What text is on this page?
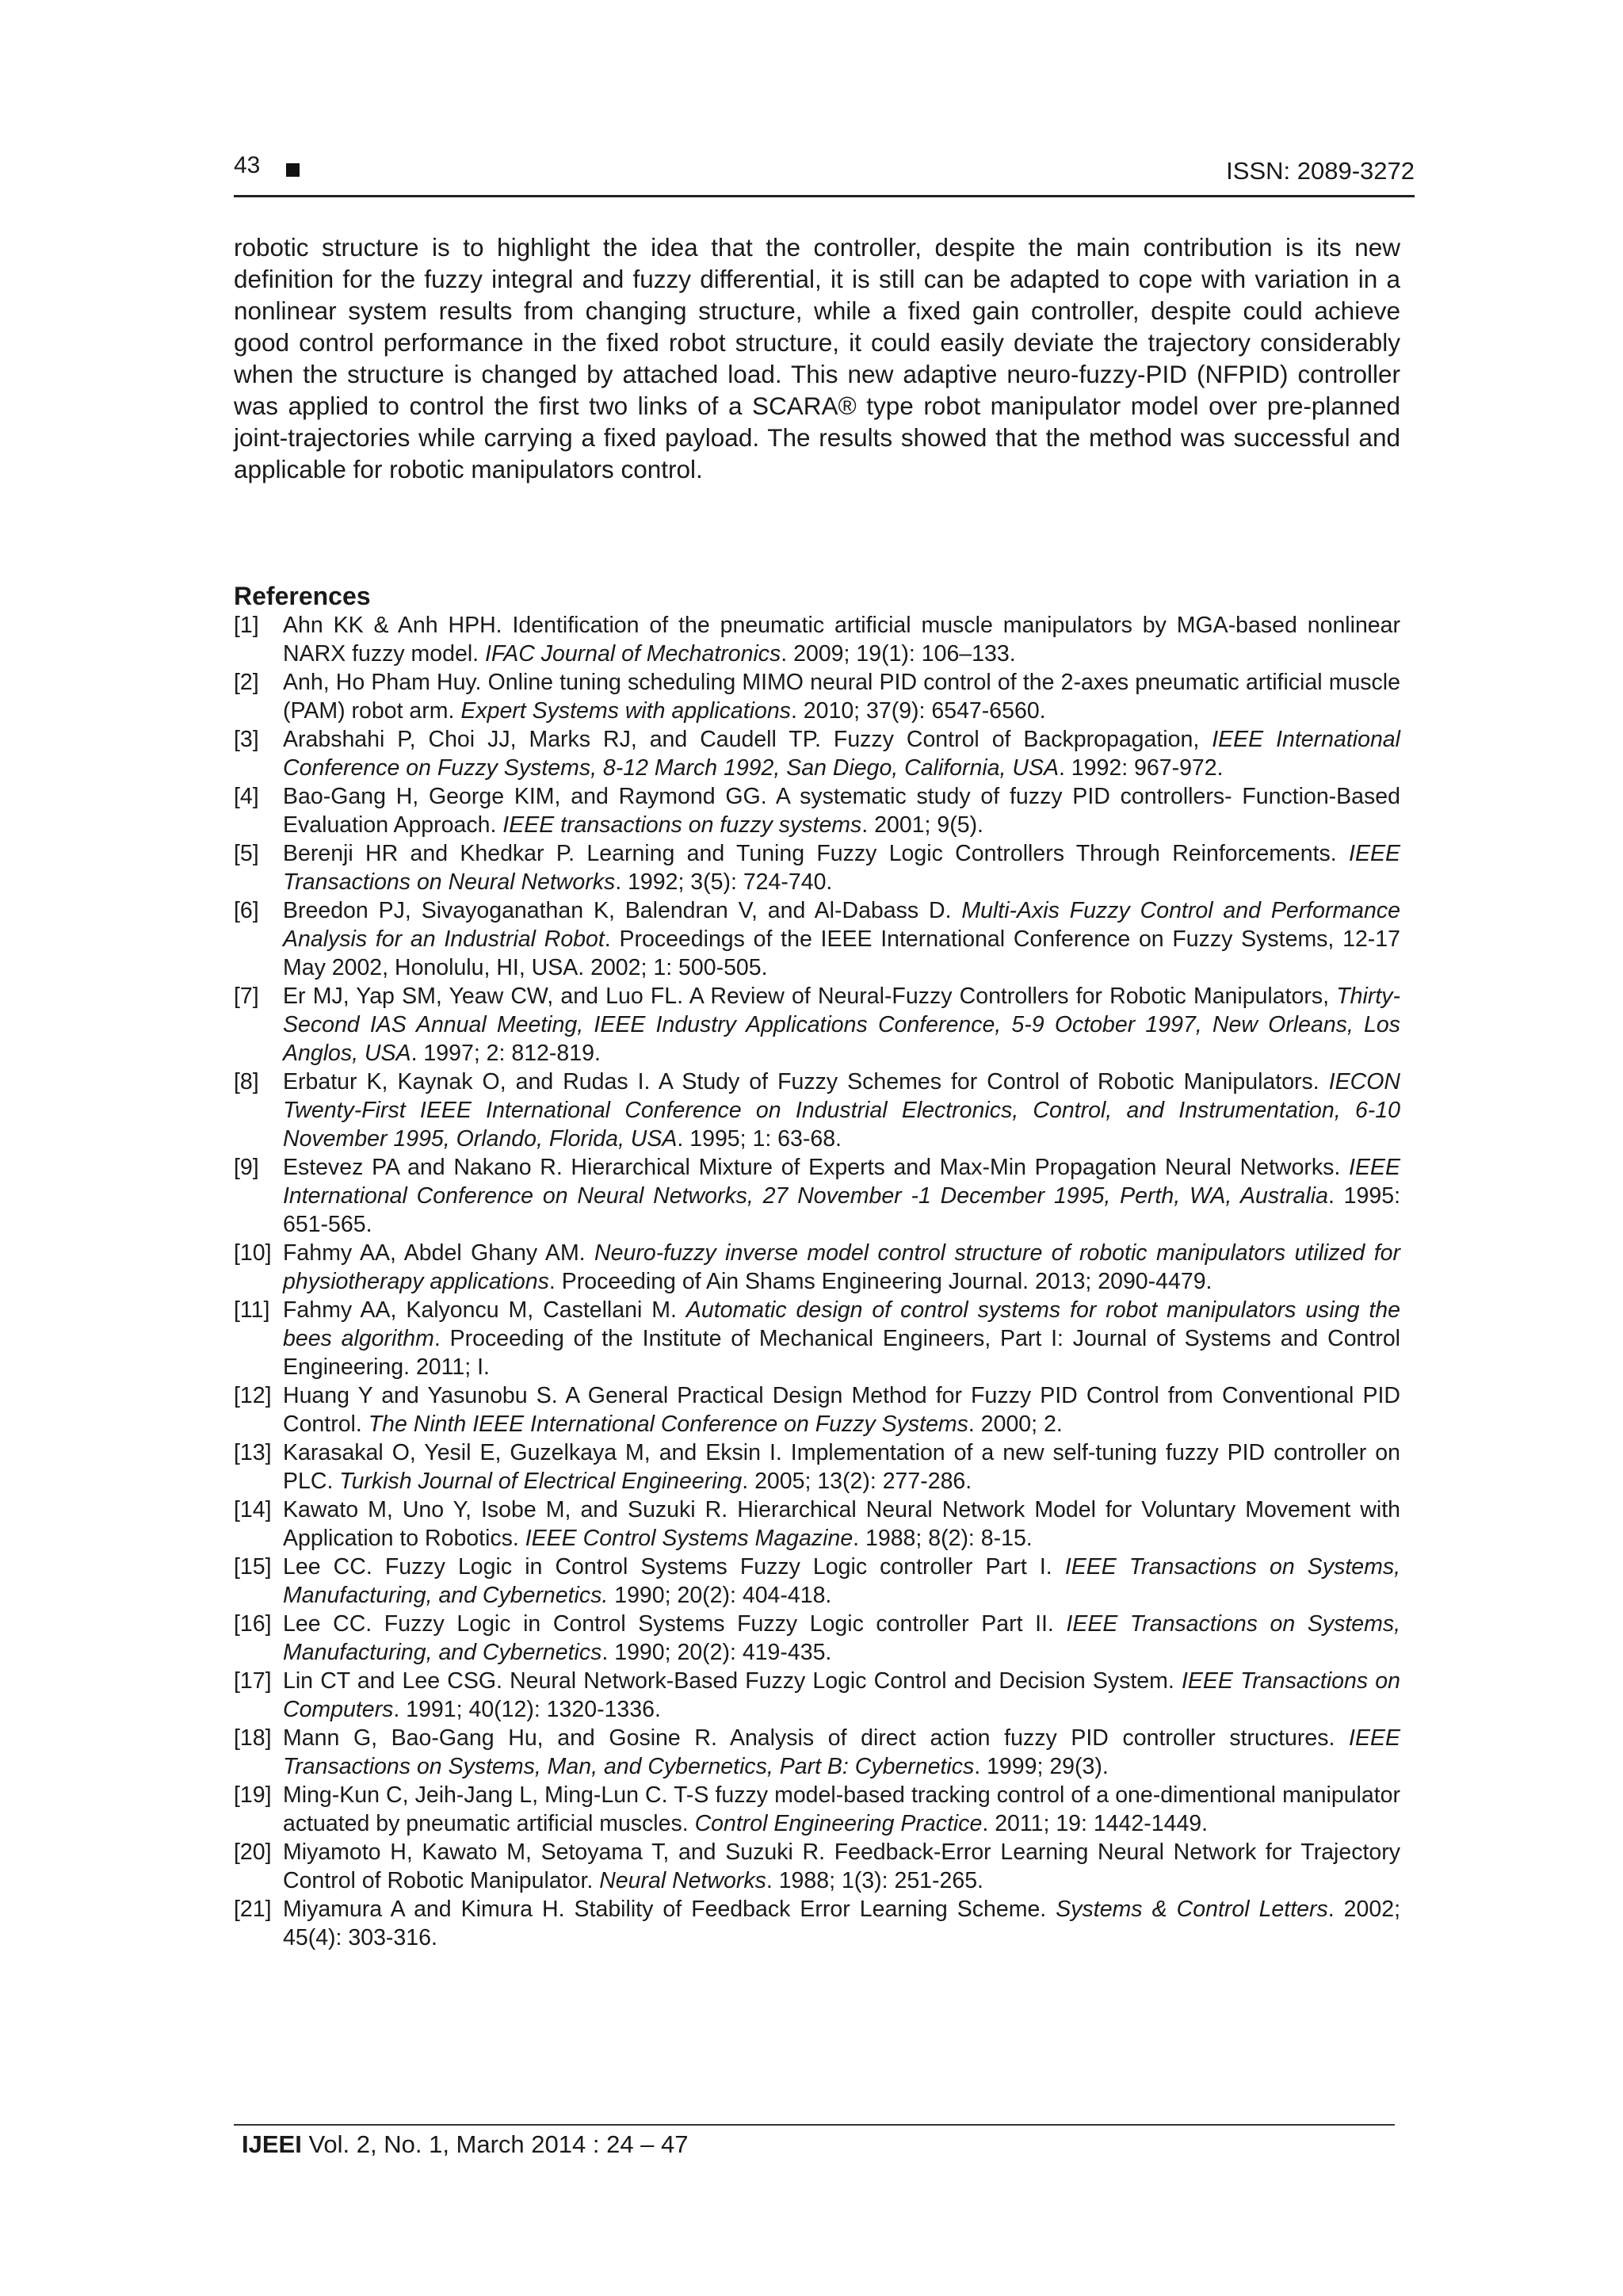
43	ISSN: 2089-3272

robotic structure is to highlight the idea that the controller, despite the main contribution is its new definition for the fuzzy integral and fuzzy differential, it is still can be adapted to cope with variation in a nonlinear system results from changing structure, while a fixed gain controller, despite could achieve good control performance in the fixed robot structure, it could easily deviate the trajectory considerably when the structure is changed by attached load. This new adaptive neuro-fuzzy-PID (NFPID) controller was applied to control the first two links of a SCARA® type robot manipulator model over pre-planned joint-trajectories while carrying a fixed payload. The results showed that the method was successful and applicable for robotic manipulators control.

References
[1] Ahn KK & Anh HPH. Identification of the pneumatic artificial muscle manipulators by MGA-based nonlinear NARX fuzzy model. IFAC Journal of Mechatronics. 2009; 19(1): 106–133.
[2] Anh, Ho Pham Huy. Online tuning scheduling MIMO neural PID control of the 2-axes pneumatic artificial muscle (PAM) robot arm. Expert Systems with applications. 2010; 37(9): 6547-6560.
[3] Arabshahi P, Choi JJ, Marks RJ, and Caudell TP. Fuzzy Control of Backpropagation, IEEE International Conference on Fuzzy Systems, 8-12 March 1992, San Diego, California, USA. 1992: 967-972.
[4] Bao-Gang H, George KIM, and Raymond GG. A systematic study of fuzzy PID controllers- Function-Based Evaluation Approach. IEEE transactions on fuzzy systems. 2001; 9(5).
[5] Berenji HR and Khedkar P. Learning and Tuning Fuzzy Logic Controllers Through Reinforcements. IEEE Transactions on Neural Networks. 1992; 3(5): 724-740.
[6] Breedon PJ, Sivayoganathan K, Balendran V, and Al-Dabass D. Multi-Axis Fuzzy Control and Performance Analysis for an Industrial Robot. Proceedings of the IEEE International Conference on Fuzzy Systems, 12-17 May 2002, Honolulu, HI, USA. 2002; 1: 500-505.
[7] Er MJ, Yap SM, Yeaw CW, and Luo FL. A Review of Neural-Fuzzy Controllers for Robotic Manipulators, Thirty-Second IAS Annual Meeting, IEEE Industry Applications Conference, 5-9 October 1997, New Orleans, Los Anglos, USA. 1997; 2: 812-819.
[8] Erbatur K, Kaynak O, and Rudas I. A Study of Fuzzy Schemes for Control of Robotic Manipulators. IECON Twenty-First IEEE International Conference on Industrial Electronics, Control, and Instrumentation, 6-10 November 1995, Orlando, Florida, USA. 1995; 1: 63-68.
[9] Estevez PA and Nakano R. Hierarchical Mixture of Experts and Max-Min Propagation Neural Networks. IEEE International Conference on Neural Networks, 27 November -1 December 1995, Perth, WA, Australia. 1995: 651-565.
[10] Fahmy AA, Abdel Ghany AM. Neuro-fuzzy inverse model control structure of robotic manipulators utilized for physiotherapy applications. Proceeding of Ain Shams Engineering Journal. 2013; 2090-4479.
[11] Fahmy AA, Kalyoncu M, Castellani M. Automatic design of control systems for robot manipulators using the bees algorithm. Proceeding of the Institute of Mechanical Engineers, Part I: Journal of Systems and Control Engineering. 2011; I.
[12] Huang Y and Yasunobu S. A General Practical Design Method for Fuzzy PID Control from Conventional PID Control. The Ninth IEEE International Conference on Fuzzy Systems. 2000; 2.
[13] Karasakal O, Yesil E, Guzelkaya M, and Eksin I. Implementation of a new self-tuning fuzzy PID controller on PLC. Turkish Journal of Electrical Engineering. 2005; 13(2): 277-286.
[14] Kawato M, Uno Y, Isobe M, and Suzuki R. Hierarchical Neural Network Model for Voluntary Movement with Application to Robotics. IEEE Control Systems Magazine. 1988; 8(2): 8-15.
[15] Lee CC. Fuzzy Logic in Control Systems Fuzzy Logic controller Part I. IEEE Transactions on Systems, Manufacturing, and Cybernetics. 1990; 20(2): 404-418.
[16] Lee CC. Fuzzy Logic in Control Systems Fuzzy Logic controller Part II. IEEE Transactions on Systems, Manufacturing, and Cybernetics. 1990; 20(2): 419-435.
[17] Lin CT and Lee CSG. Neural Network-Based Fuzzy Logic Control and Decision System. IEEE Transactions on Computers. 1991; 40(12): 1320-1336.
[18] Mann G, Bao-Gang Hu, and Gosine R. Analysis of direct action fuzzy PID controller structures. IEEE Transactions on Systems, Man, and Cybernetics, Part B: Cybernetics. 1999; 29(3).
[19] Ming-Kun C, Jeih-Jang L, Ming-Lun C. T-S fuzzy model-based tracking control of a one-dimentional manipulator actuated by pneumatic artificial muscles. Control Engineering Practice. 2011; 19: 1442-1449.
[20] Miyamoto H, Kawato M, Setoyama T, and Suzuki R. Feedback-Error Learning Neural Network for Trajectory Control of Robotic Manipulator. Neural Networks. 1988; 1(3): 251-265.
[21] Miyamura A and Kimura H. Stability of Feedback Error Learning Scheme. Systems & Control Letters. 2002; 45(4): 303-316.
IJEEI Vol. 2, No. 1, March 2014 : 24 – 47
